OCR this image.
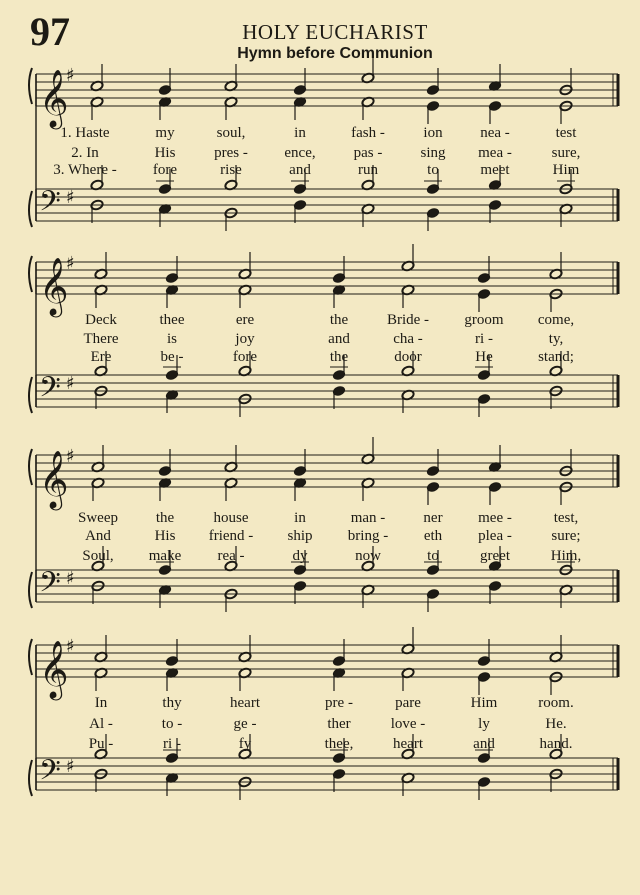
97	HOLY EUCHARIST
Hymn before Communion
𝄞
♯
𝄢 ♯
𝄞
♯
𝄢 ♯
𝄞
♯
𝄢 ♯
𝄞
♯
𝄢 ♯
1. Haste	my	soul,	in	fash -	ion	nea -	test
2. In	His	pres - ence,	pas -	sing mea -	sure,
3. Where - fore	rise	and	run	to	meet	Him
Deck	thee	ere	the	Bride - groom come,
There	is	joy	and	cha -	ri -	ty,
Ere	be -	fore	the	door	He	stand;
Sweep	the	house	in	man -	ner mee -	test,
And	His friend - ship bring - eth plea -	sure;
Soul, make rea -	dy	now	to	greet	Him,
In	thy	heart	pre -	pare	Him	room.
Al -	to -	ge -	ther	love -	ly	He.
Pu -	ri -	fy	thee,	heart	and	hand.
